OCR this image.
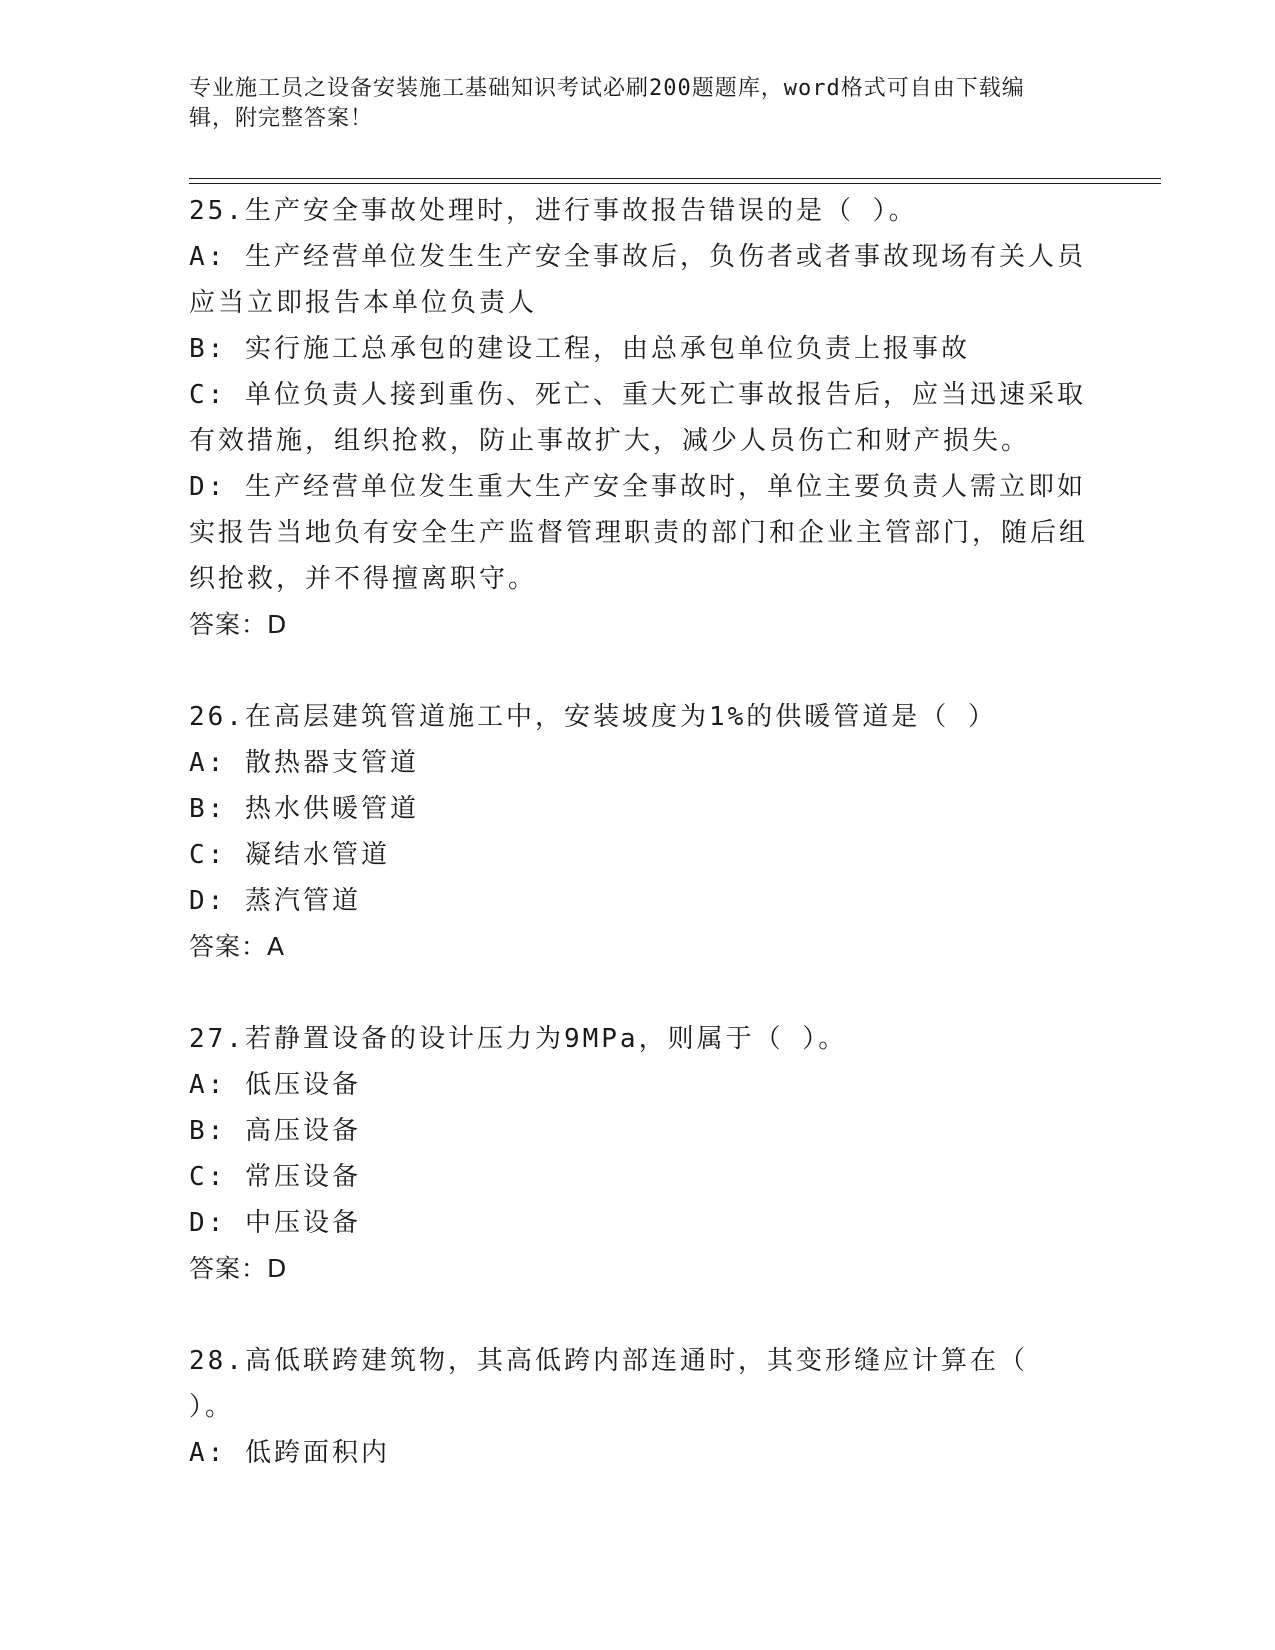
专业施工员之设备安装施工基础知识考试必刷200题题库，word格式可自由下载编辑，附完整答案！
25.生产安全事故处理时，进行事故报告错误的是（ ）。
A: 生产经营单位发生生产安全事故后，负伤者或者事故现场有关人员应当立即报告本单位负责人
B: 实行施工总承包的建设工程，由总承包单位负责上报事故
C: 单位负责人接到重伤、死亡、重大死亡事故报告后，应当迅速采取有效措施，组织抢救，防止事故扩大，减少人员伤亡和财产损失。
D: 生产经营单位发生重大生产安全事故时，单位主要负责人需立即如实报告当地负有安全生产监督管理职责的部门和企业主管部门，随后组织抢救，并不得擅离职守。
答案：D
26.在高层建筑管道施工中，安装坡度为1%的供暖管道是（ ）
A: 散热器支管道
B: 热水供暖管道
C: 凝结水管道
D: 蒸汽管道
答案：A
27.若静置设备的设计压力为9MPa，则属于（ ）。
A: 低压设备
B: 高压设备
C: 常压设备
D: 中压设备
答案：D
28.高低联跨建筑物，其高低跨内部连通时，其变形缝应计算在（ ）。
A: 低跨面积内
